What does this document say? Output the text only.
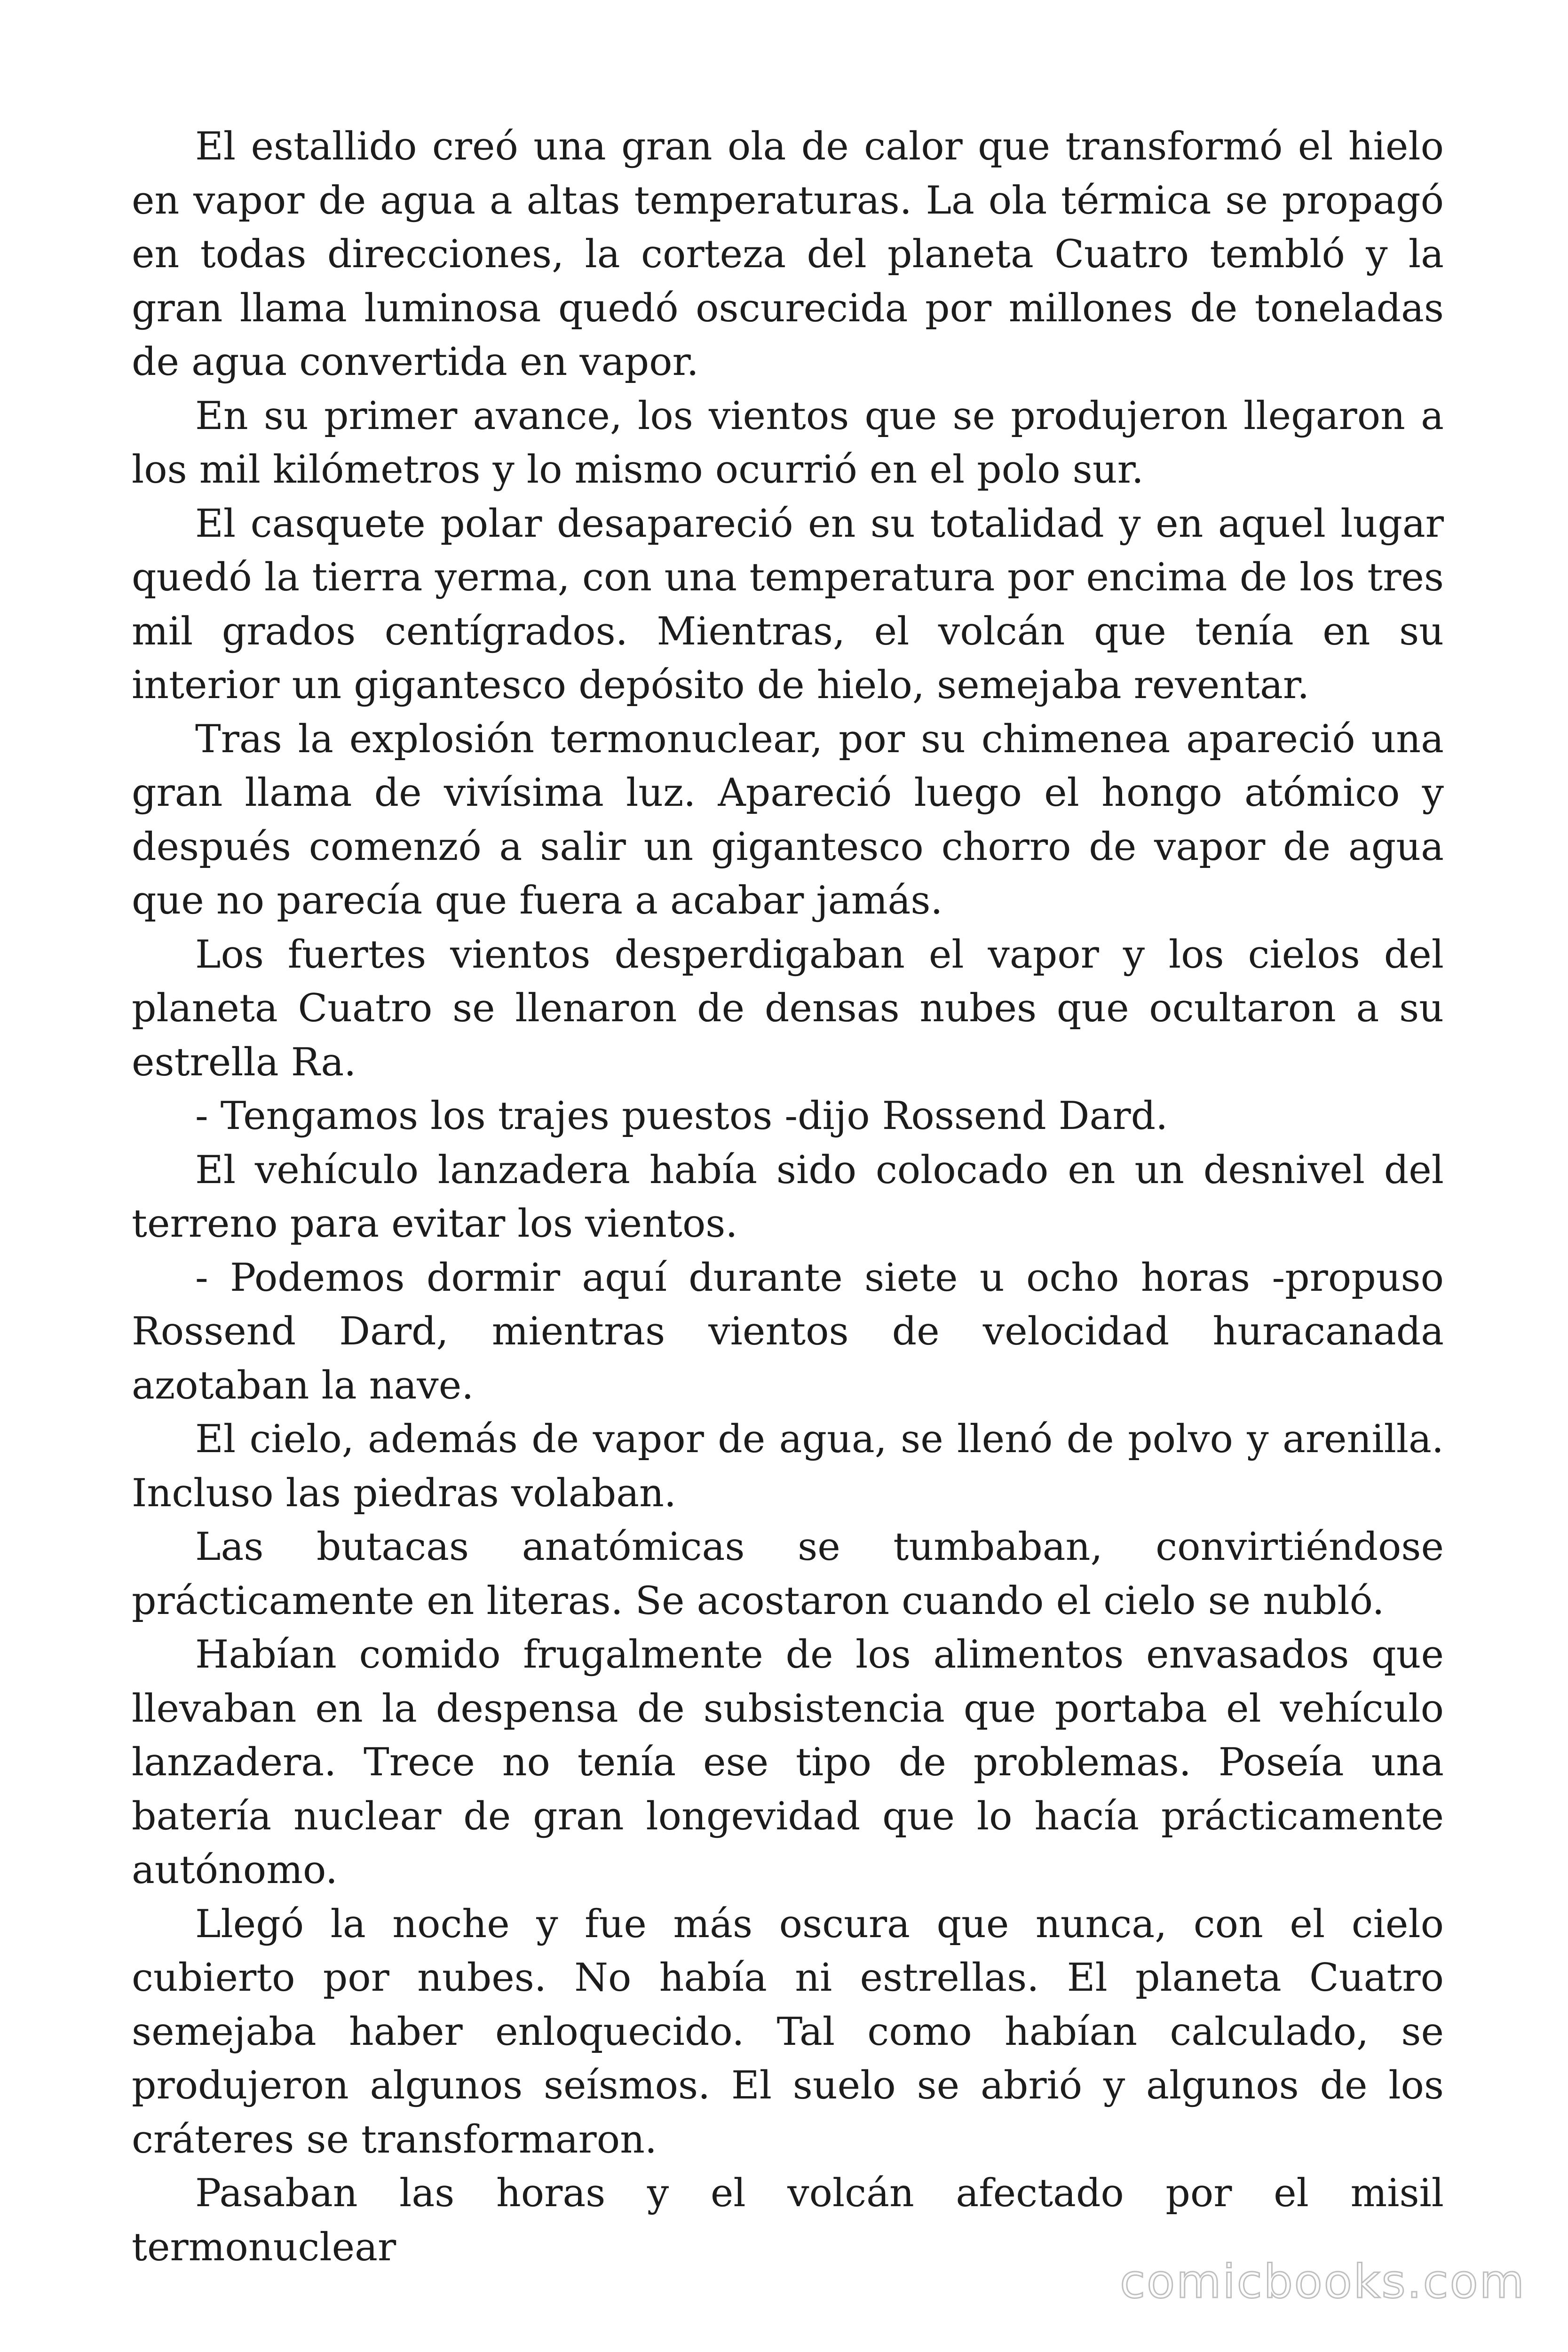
El estallido creó una gran ola de calor que transformó el hielo en vapor de agua a altas temperaturas. La ola térmica se propagó en todas direcciones, la corteza del planeta Cuatro tembló y la gran llama luminosa quedó oscurecida por millones de toneladas de agua convertida en vapor.

En su primer avance, los vientos que se produjeron llegaron a los mil kilómetros y lo mismo ocurrió en el polo sur.

El casquete polar desapareció en su totalidad y en aquel lugar quedó la tierra yerma, con una temperatura por encima de los tres mil grados centígrados. Mientras, el volcán que tenía en su interior un gigantesco depósito de hielo, semejaba reventar.

Tras la explosión termonuclear, por su chimenea apareció una gran llama de vivísima luz. Apareció luego el hongo atómico y después comenzó a salir un gigantesco chorro de vapor de agua que no parecía que fuera a acabar jamás.

Los fuertes vientos desperdigaban el vapor y los cielos del planeta Cuatro se llenaron de densas nubes que ocultaron a su estrella Ra.

- Tengamos los trajes puestos -dijo Rossend Dard.

El vehículo lanzadera había sido colocado en un desnivel del terreno para evitar los vientos.

- Podemos dormir aquí durante siete u ocho horas -propuso Rossend Dard, mientras vientos de velocidad huracanada azotaban la nave.

El cielo, además de vapor de agua, se llenó de polvo y arenilla. Incluso las piedras volaban.

Las butacas anatómicas se tumbaban, convirtiéndose prácticamente en literas. Se acostaron cuando el cielo se nubló.

Habían comido frugalmente de los alimentos envasados que llevaban en la despensa de subsistencia que portaba el vehículo lanzadera. Trece no tenía ese tipo de problemas. Poseía una batería nuclear de gran longevidad que lo hacía prácticamente autónomo.

Llegó la noche y fue más oscura que nunca, con el cielo cubierto por nubes. No había ni estrellas. El planeta Cuatro semejaba haber enloquecido. Tal como habían calculado, se produjeron algunos seísmos. El suelo se abrió y algunos de los cráteres se transformaron.

Pasaban las horas y el volcán afectado por el misil termonuclear

comicbooks.com
